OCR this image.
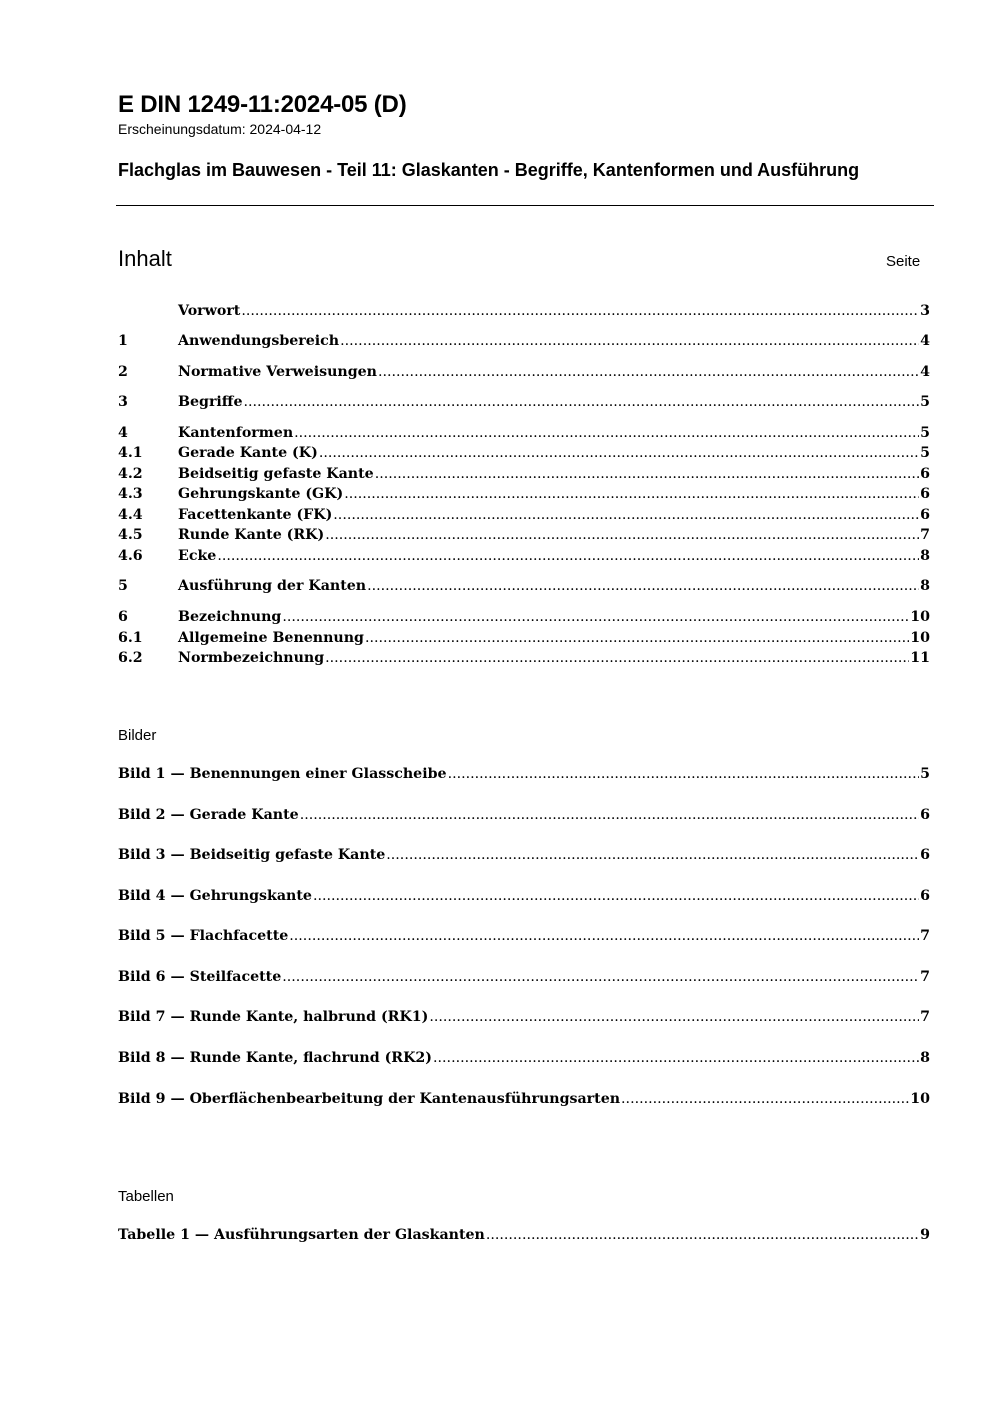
E DIN 1249-11:2024-05 (D)
Erscheinungsdatum: 2024-04-12
Flachglas im Bauwesen - Teil 11: Glaskanten - Begriffe, Kantenformen und Ausführung
Inhalt	Seite
Vorwort .....	3
1	Anwendungsbereich .....	4
2	Normative Verweisungen .....	4
3	Begriffe .....	5
4	Kantenformen .....	5
4.1	Gerade Kante (K) .....	5
4.2	Beidseitig gefaste Kante .....	6
4.3	Gehrungskante (GK) .....	6
4.4	Facettenkante (FK) .....	6
4.5	Runde Kante (RK) .....	7
4.6	Ecke .....	8
5	Ausführung der Kanten .....	8
6	Bezeichnung .....	10
6.1	Allgemeine Benennung .....	10
6.2	Normbezeichnung .....	11
Bilder
Bild 1 — Benennungen einer Glasscheibe .....	5
Bild 2 — Gerade Kante .....	6
Bild 3 — Beidseitig gefaste Kante .....	6
Bild 4 — Gehrungskante .....	6
Bild 5 — Flachfacette .....	7
Bild 6 — Steilfacette .....	7
Bild 7 — Runde Kante, halbrund (RK1) .....	7
Bild 8 — Runde Kante, flachrund (RK2) .....	8
Bild 9 — Oberflächenbearbeitung der Kantenausführungsarten .....	10
Tabellen
Tabelle 1 — Ausführungsarten der Glaskanten .....	9
